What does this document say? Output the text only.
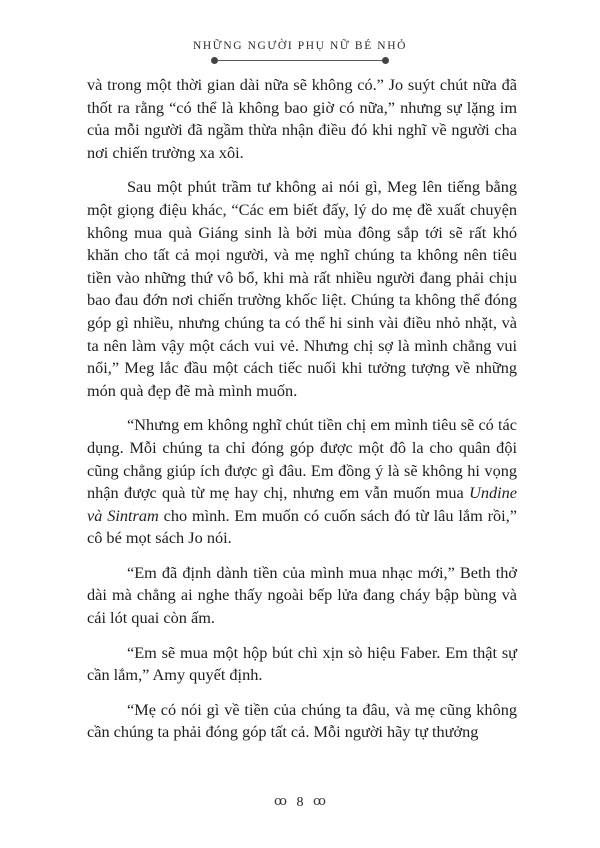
NHỮNG NGƯỜI PHỤ NỮ BÉ NHỎ

và trong một thời gian dài nữa sẽ không có.” Jo suýt chút nữa đã thốt ra rằng “có thể là không bao giờ có nữa,” nhưng sự lặng im của mỗi người đã ngầm thừa nhận điều đó khi nghĩ về người cha nơi chiến trường xa xôi.

Sau một phút trầm tư không ai nói gì, Meg lên tiếng bằng một giọng điệu khác, “Các em biết đấy, lý do mẹ đề xuất chuyện không mua quà Giáng sinh là bởi mùa đông sắp tới sẽ rất khó khăn cho tất cả mọi người, và mẹ nghĩ chúng ta không nên tiêu tiền vào những thứ vô bổ, khi mà rất nhiều người đang phải chịu bao đau đớn nơi chiến trường khốc liệt. Chúng ta không thể đóng góp gì nhiều, nhưng chúng ta có thể hi sinh vài điều nhỏ nhặt, và ta nên làm vậy một cách vui vẻ. Nhưng chị sợ là mình chẳng vui nổi,” Meg lắc đầu một cách tiếc nuối khi tưởng tượng về những món quà đẹp đẽ mà mình muốn.

“Nhưng em không nghĩ chút tiền chị em mình tiêu sẽ có tác dụng. Mỗi chúng ta chỉ đóng góp được một đô la cho quân đội cũng chẳng giúp ích được gì đâu. Em đồng ý là sẽ không hi vọng nhận được quà từ mẹ hay chị, nhưng em vẫn muốn mua Undine và Sintram cho mình. Em muốn có cuốn sách đó từ lâu lắm rồi,” cô bé mọt sách Jo nói.

“Em đã định dành tiền của mình mua nhạc mới,” Beth thở dài mà chẳng ai nghe thấy ngoài bếp lửa đang cháy bập bùng và cái lót quai còn ấm.

“Em sẽ mua một hộp bút chì xịn sò hiệu Faber. Em thật sự cần lắm,” Amy quyết định.

“Mẹ có nói gì về tiền của chúng ta đâu, và mẹ cũng không cần chúng ta phải đóng góp tất cả. Mỗi người hãy tự thưởng

ꝏ 8 ꝏ
